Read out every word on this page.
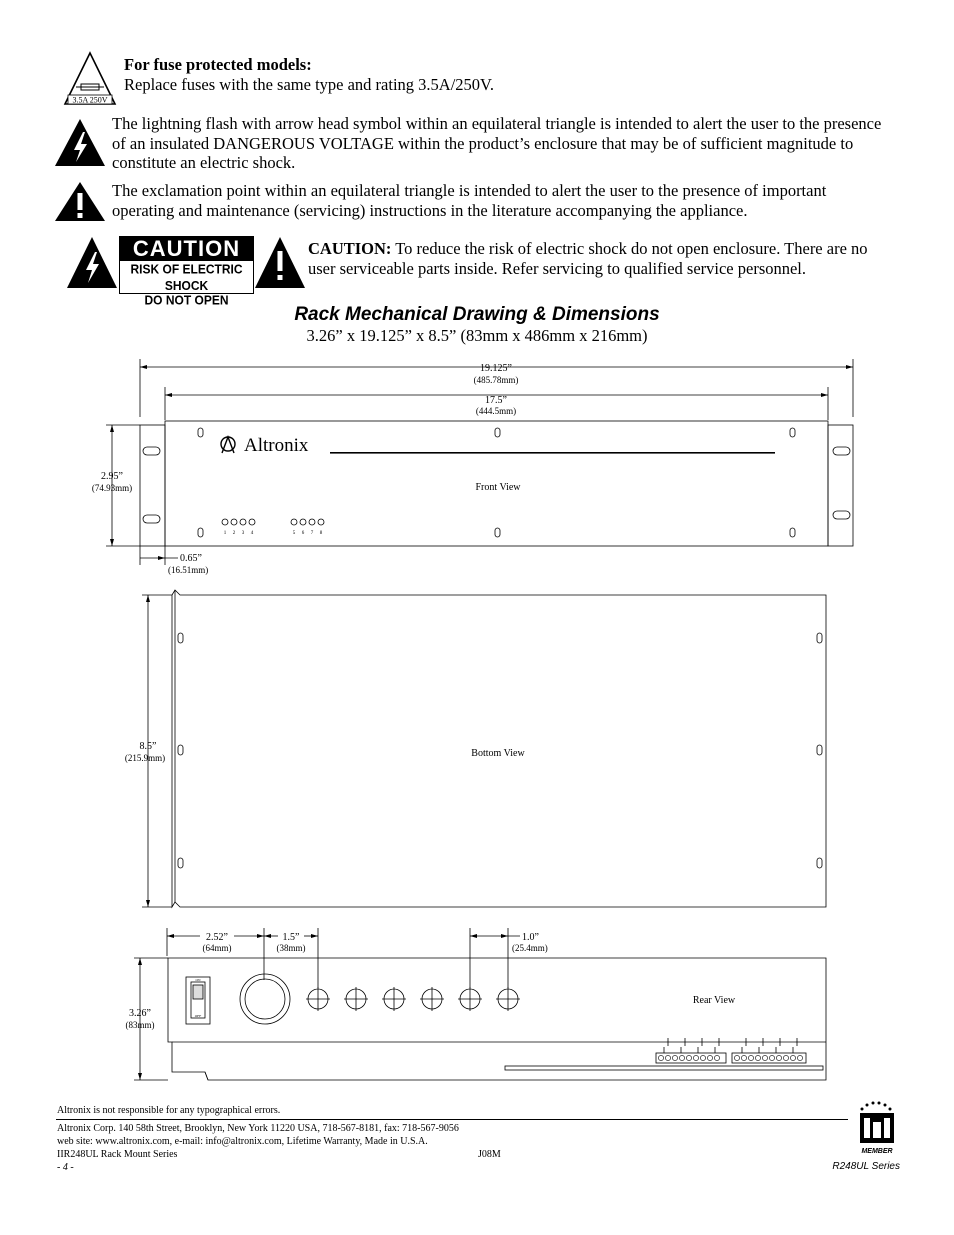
3.5A 250V
For fuse protected models:
Replace fuses with the same type and rating 3.5A/250V.
The lightning flash with arrow head symbol within an equilateral triangle is intended to alert the user to the presence of an insulated DANGEROUS VOLTAGE within the product’s enclosure that may be of sufficient magnitude to constitute an electric shock.
The exclamation point within an equilateral triangle is intended to alert the user to the presence of important operating and maintenance (servicing) instructions in the literature accompanying the appliance.
CAUTION
RISK OF ELECTRIC SHOCK
DO NOT OPEN
CAUTION: To reduce the risk of electric shock do not open enclosure. There are no user serviceable parts inside. Refer servicing to qualified service personnel.
Rack Mechanical Drawing & Dimensions
3.26” x 19.125” x 8.5” (83mm x 486mm x 216mm)
Altronix
19.125”
(485.78mm)
17.5”
(444.5mm)
2.95”
(74.93mm)
0.65”
(16.51mm)
Front View
1 2 3 4	5 6 7 8
8.5”
(215.9mm)	Bottom View
2.52”
(64mm)
1.5”
(38mm)
1.0”
(25.4mm)
3.26”
(83mm)
Rear View
ON
OFF
Altronix is not responsible for any typographical errors.
Altronix Corp. 140 58th Street, Brooklyn, New York 11220 USA, 718-567-8181, fax: 718-567-9056
web site: www.altronix.com, e-mail: info@altronix.com, Lifetime Warranty, Made in U.S.A.
IIR248UL Rack Mount Series	J08M
- 4 -
MEMBER
R248UL Series
